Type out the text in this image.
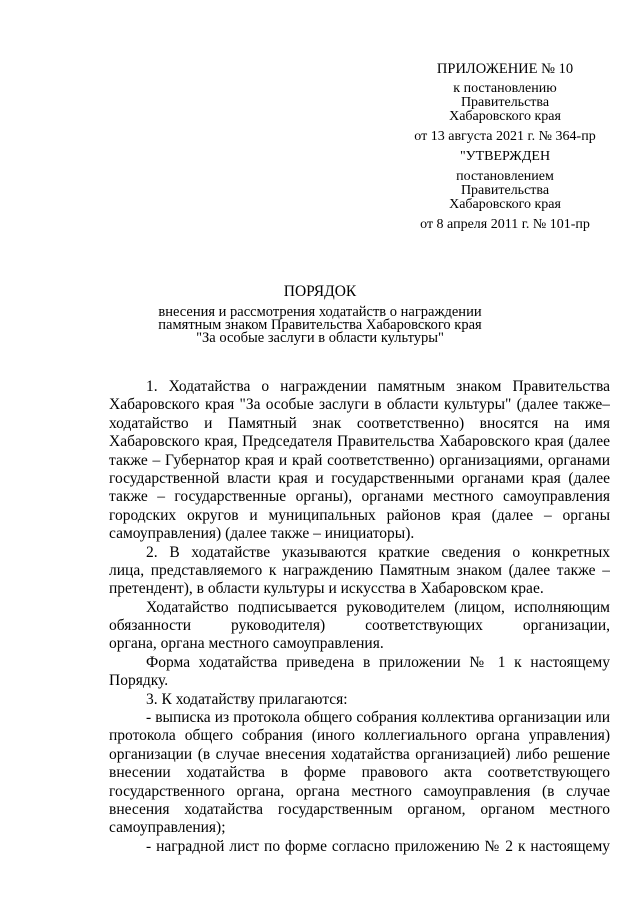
ПРИЛОЖЕНИЕ № 10
к постановлению
Правительства
Хабаровского края
от 13 августа 2021 г. № 364-пр
"УТВЕРЖДЕН
постановлением
Правительства
Хабаровского края
от 8 апреля 2011 г. № 101-пр
ПОРЯДОК
внесения и рассмотрения ходатайств о награждении
памятным знаком Правительства Хабаровского края
"За особые заслуги в области культуры"
1. Ходатайства о награждении памятным знаком Правительства
Хабаровского края "За особые заслуги в области культуры" (далее также–
ходатайство и Памятный знак соответственно) вносятся на имя
Хабаровского края, Председателя Правительства Хабаровского края (далее
также – Губернатор края и край соответственно) организациями, органами
государственной власти края и государственными органами края (далее
также – государственные органы), органами местного самоуправления
городских округов и муниципальных районов края (далее – органы
самоуправления) (далее также – инициаторы).
2. В ходатайстве указываются краткие сведения о конкретных
лица, представляемого к награждению Памятным знаком (далее также –
претендент), в области культуры и искусства в Хабаровском крае.
Ходатайство подписывается руководителем (лицом, исполняющим
обязанности руководителя) соответствующих организации,
органа, органа местного самоуправления.
Форма ходатайства приведена в приложении № 1 к настоящему
Порядку.
3. К ходатайству прилагаются:
- выписка из протокола общего собрания коллектива организации или
протокола общего собрания (иного коллегиального органа управления)
организации (в случае внесения ходатайства организацией) либо решение
внесении ходатайства в форме правового акта соответствующего
государственного органа, органа местного самоуправления (в случае
внесения ходатайства государственным органом, органом местного
самоуправления);
- наградной лист по форме согласно приложению № 2 к настоящему
